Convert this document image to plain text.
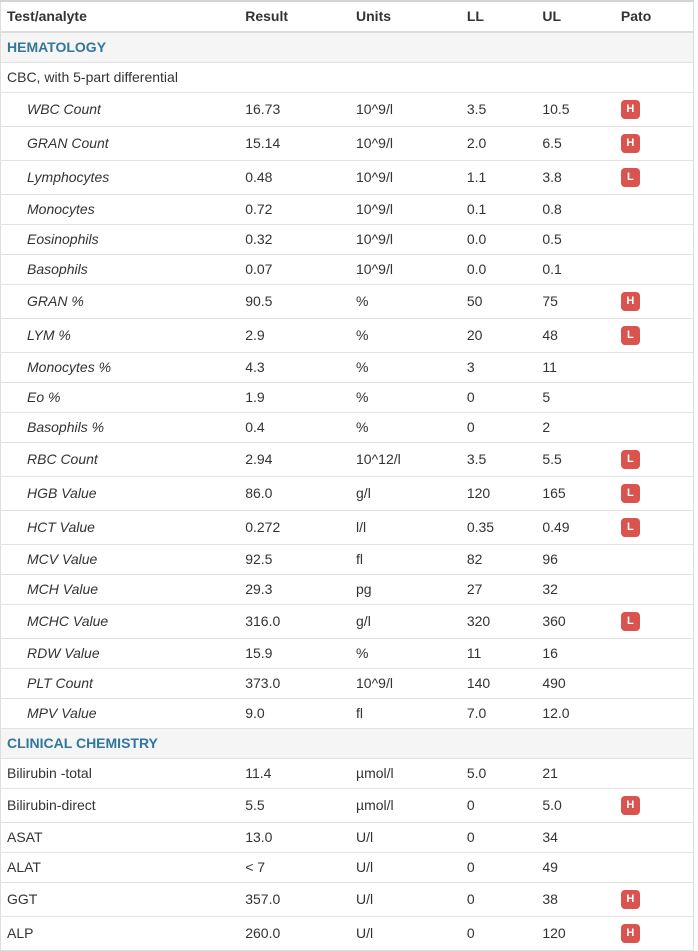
Test/analyte	Result	Units	LL	UL	Pato
HEMATOLOGY					
CBC, with 5-part differential					
WBC Count	16.73	10^9/l	3.5	10.5	H
GRAN Count	15.14	10^9/l	2.0	6.5	H
Lymphocytes	0.48	10^9/l	1.1	3.8	L
Monocytes	0.72	10^9/l	0.1	0.8	
Eosinophils	0.32	10^9/l	0.0	0.5	
Basophils	0.07	10^9/l	0.0	0.1	
GRAN %	90.5	%	50	75	H
LYM %	2.9	%	20	48	L
Monocytes %	4.3	%	3	11	
Eo %	1.9	%	0	5	
Basophils %	0.4	%	0	2	
RBC Count	2.94	10^12/l	3.5	5.5	L
HGB Value	86.0	g/l	120	165	L
HCT Value	0.272	l/l	0.35	0.49	L
MCV Value	92.5	fl	82	96	
MCH Value	29.3	pg	27	32	
MCHC Value	316.0	g/l	320	360	L
RDW Value	15.9	%	11	16	
PLT Count	373.0	10^9/l	140	490	
MPV Value	9.0	fl	7.0	12.0	
CLINICAL CHEMISTRY					
Bilirubin -total	11.4	µmol/l	5.0	21	
Bilirubin-direct	5.5	µmol/l	0	5.0	H
ASAT	13.0	U/l	0	34	
ALAT	< 7	U/l	0	49	
GGT	357.0	U/l	0	38	H
ALP	260.0	U/l	0	120	H
